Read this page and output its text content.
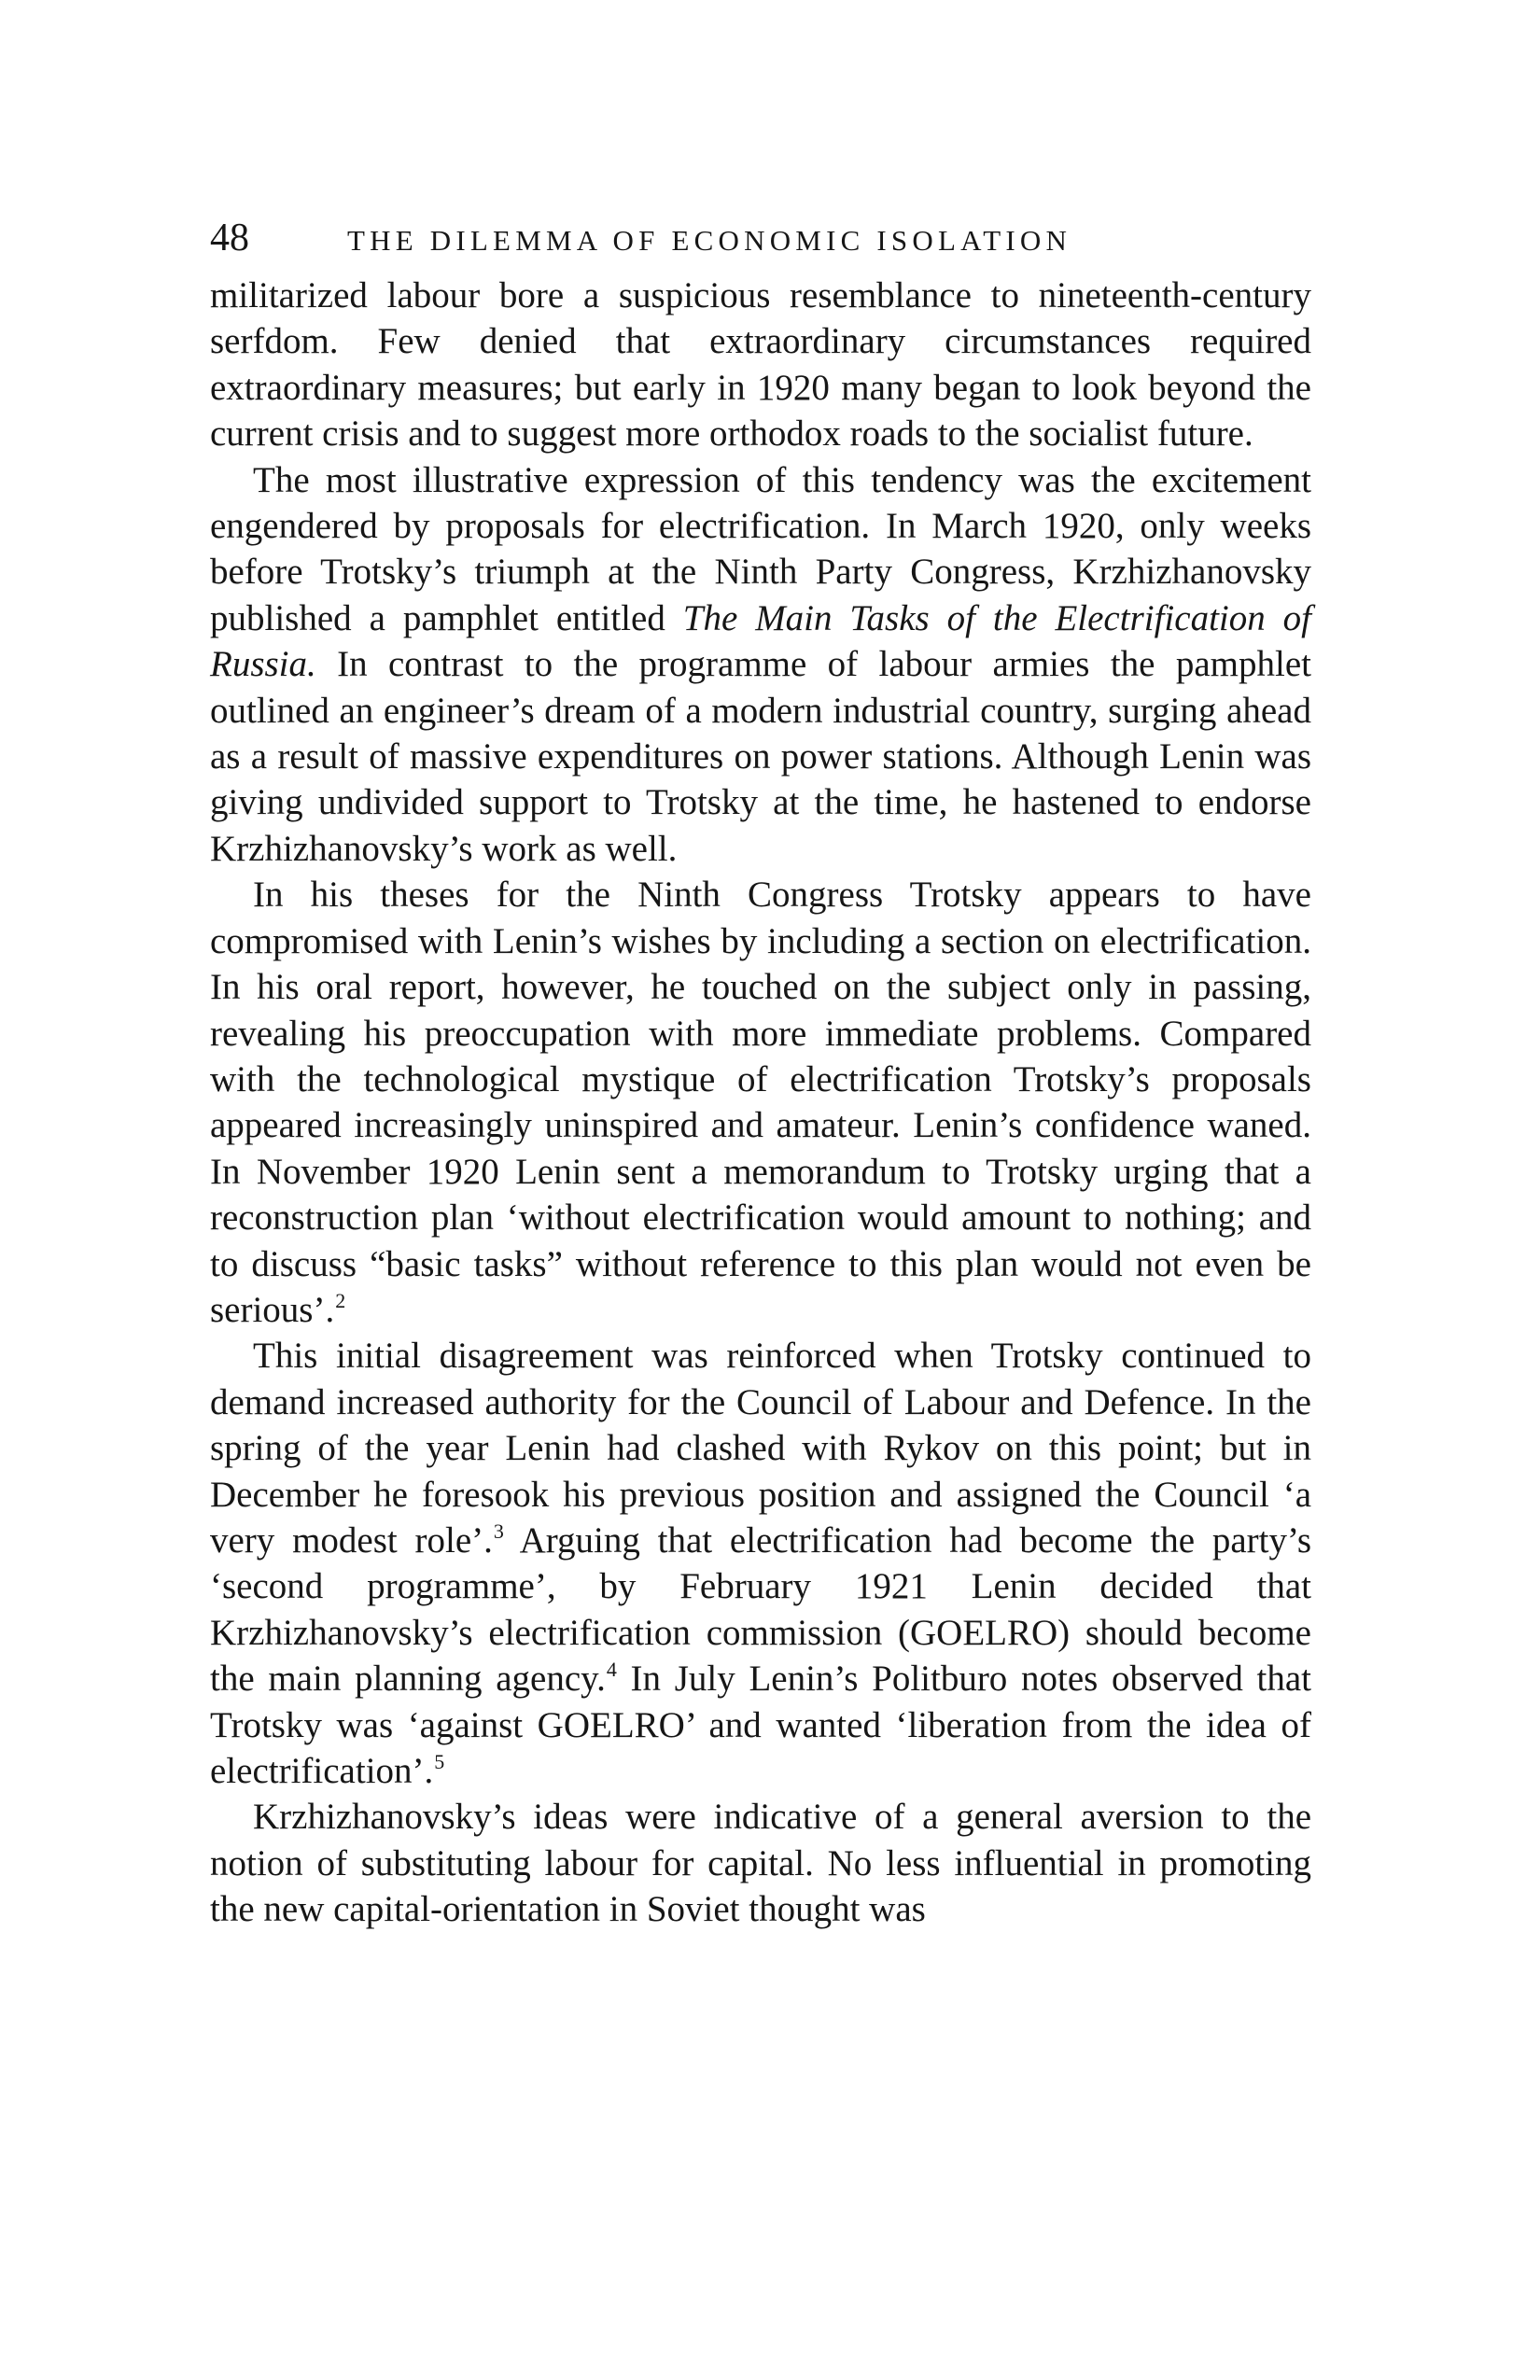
48	THE DILEMMA OF ECONOMIC ISOLATION

militarized labour bore a suspicious resemblance to nineteenth-century serfdom. Few denied that extraordinary circumstances required extraordinary measures; but early in 1920 many began to look beyond the current crisis and to suggest more orthodox roads to the socialist future.

The most illustrative expression of this tendency was the excitement engendered by proposals for electrification. In March 1920, only weeks before Trotsky’s triumph at the Ninth Party Congress, Krzhizhanovsky published a pamphlet entitled The Main Tasks of the Electrification of Russia. In contrast to the programme of labour armies the pamphlet outlined an engineer’s dream of a modern industrial country, surging ahead as a result of massive expenditures on power stations. Although Lenin was giving undivided support to Trotsky at the time, he hastened to endorse Krzhizhanovsky’s work as well.

In his theses for the Ninth Congress Trotsky appears to have compromised with Lenin’s wishes by including a section on electrification. In his oral report, however, he touched on the subject only in passing, revealing his preoccupation with more immediate problems. Compared with the technological mystique of electrification Trotsky’s proposals appeared increasingly uninspired and amateur. Lenin’s confidence waned. In November 1920 Lenin sent a memorandum to Trotsky urging that a reconstruction plan ‘without electrification would amount to nothing; and to discuss “basic tasks” without reference to this plan would not even be serious’.$^2$

This initial disagreement was reinforced when Trotsky continued to demand increased authority for the Council of Labour and Defence. In the spring of the year Lenin had clashed with Rykov on this point; but in December he foresook his previous position and assigned the Council ‘a very modest role’.$^3$ Arguing that electrification had become the party’s ‘second programme’, by February 1921 Lenin decided that Krzhizhanovsky’s electrification commission (GOELRO) should become the main planning agency.$^4$ In July Lenin’s Politburo notes observed that Trotsky was ‘against GOELRO’ and wanted ‘liberation from the idea of electrification’.$^5$

Krzhizhanovsky’s ideas were indicative of a general aversion to the notion of substituting labour for capital. No less influential in promoting the new capital-orientation in Soviet thought was
